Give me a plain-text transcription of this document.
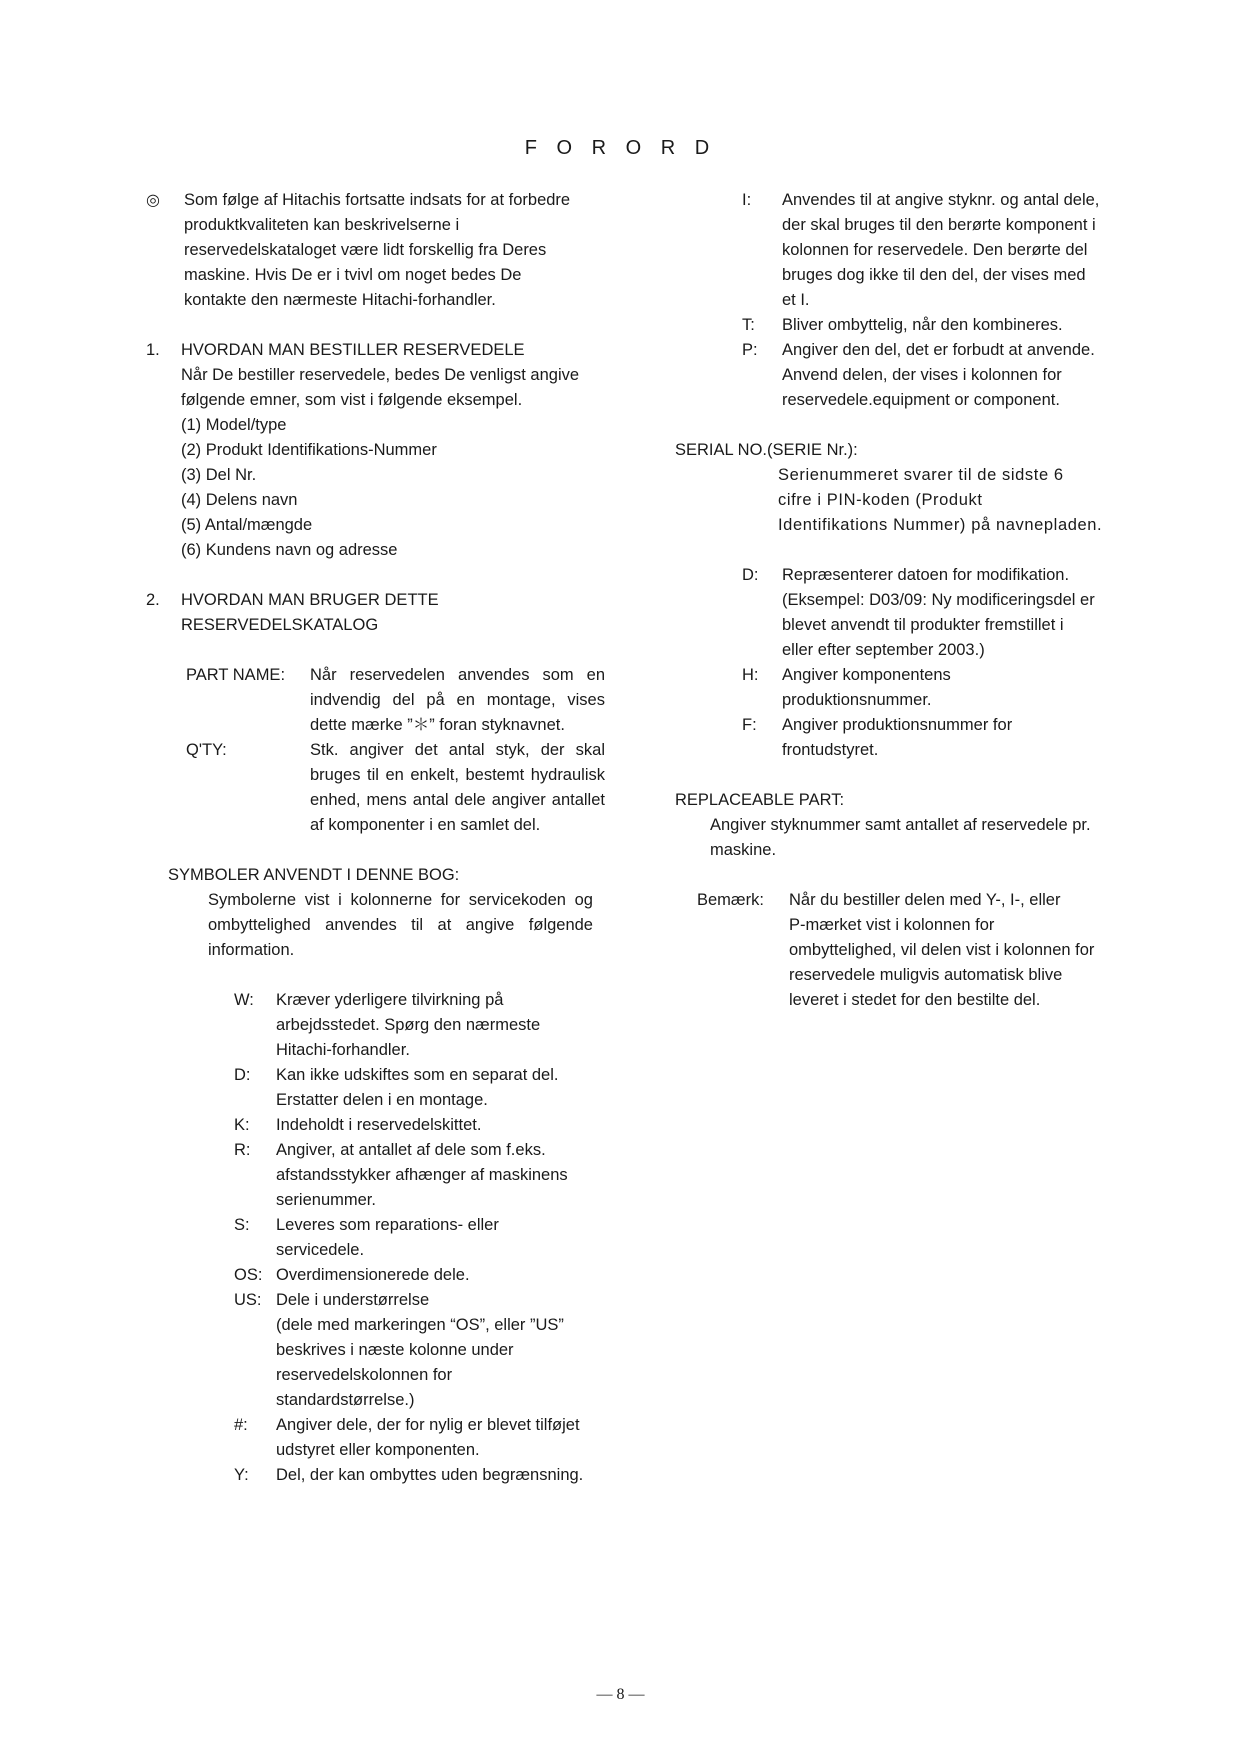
F O R O R D
◎	Som følge af Hitachis fortsatte indsats for at forbedre

produktkvaliteten kan beskrivelserne i

reservedelskataloget være lidt forskellig fra Deres

maskine. Hvis De er i tvivl om noget bedes De

kontakte den nærmeste Hitachi-forhandler.

1.	HVORDAN MAN BESTILLER RESERVEDELE

Når De bestiller reservedele, bedes De venligst angive

følgende emner, som vist i følgende eksempel.

(1) Model/type

(2) Produkt Identifikations-Nummer

(3) Del Nr.

(4) Delens navn

(5) Antal/mængde

(6) Kundens navn og adresse

2.	HVORDAN MAN BRUGER DETTE

RESERVEDELSKATALOG

PART NAME:	Når reservedelen anvendes som en indvendig del på en montage, vises dette mærke ”＊” foran styknavnet.

Q'TY:	Stk. angiver det antal styk, der skal bruges til en enkelt, bestemt hydraulisk enhed, mens antal dele angiver antallet af komponenter i en samlet del.

SYMBOLER ANVENDT I DENNE BOG:

Symbolerne vist i kolonnerne for servicekoden og ombyttelighed anvendes til at angive følgende information.

W:	Kræver yderligere tilvirkning på

arbejdsstedet. Spørg den nærmeste

Hitachi-forhandler.

D:	Kan ikke udskiftes som en separat del.

Erstatter delen i en montage.

K:	Indeholdt i reservedelskittet.

R:	Angiver, at antallet af dele som f.eks.

afstandsstykker afhænger af maskinens

serienummer.

S:	Leveres som reparations- eller

servicedele.

OS: Overdimensionerede dele.

US: Dele i understørrelse

(dele med markeringen “OS”, eller ”US”

beskrives i næste kolonne under

reservedelskolonnen for

standardstørrelse.)

#:	Angiver dele, der for nylig er blevet tilføjet

udstyret eller komponenten.

Y:	Del, der kan ombyttes uden begrænsning.

I:	Anvendes til at angive styknr. og antal dele,

der skal bruges til den berørte komponent i

kolonnen for reservedele. Den berørte del

bruges dog ikke til den del, der vises med

et I.

T:	Bliver ombyttelig, når den kombineres.

P:	Angiver den del, det er forbudt at anvende.

Anvend delen, der vises i kolonnen for

reservedele.equipment or component.

SERIAL NO.(SERIE Nr.):

Serienummeret svarer til de sidste 6

cifre i PIN-koden (Produkt

Identifikations Nummer) på navnepladen.

D:	Repræsenterer datoen for modifikation.

(Eksempel: D03/09: Ny modificeringsdel er

blevet anvendt til produkter fremstillet i

eller efter september 2003.)

H:	Angiver komponentens

produktionsnummer.

F:	Angiver produktionsnummer for

frontudstyret.

REPLACEABLE PART:

Angiver styknummer samt antallet af reservedele pr.

maskine.

Bemærk:	Når du bestiller delen med Y-, I-, eller

P-mærket vist i kolonnen for

ombyttelighed, vil delen vist i kolonnen for

reservedele muligvis automatisk blive

leveret i stedet for den bestilte del.

― 8 ―
